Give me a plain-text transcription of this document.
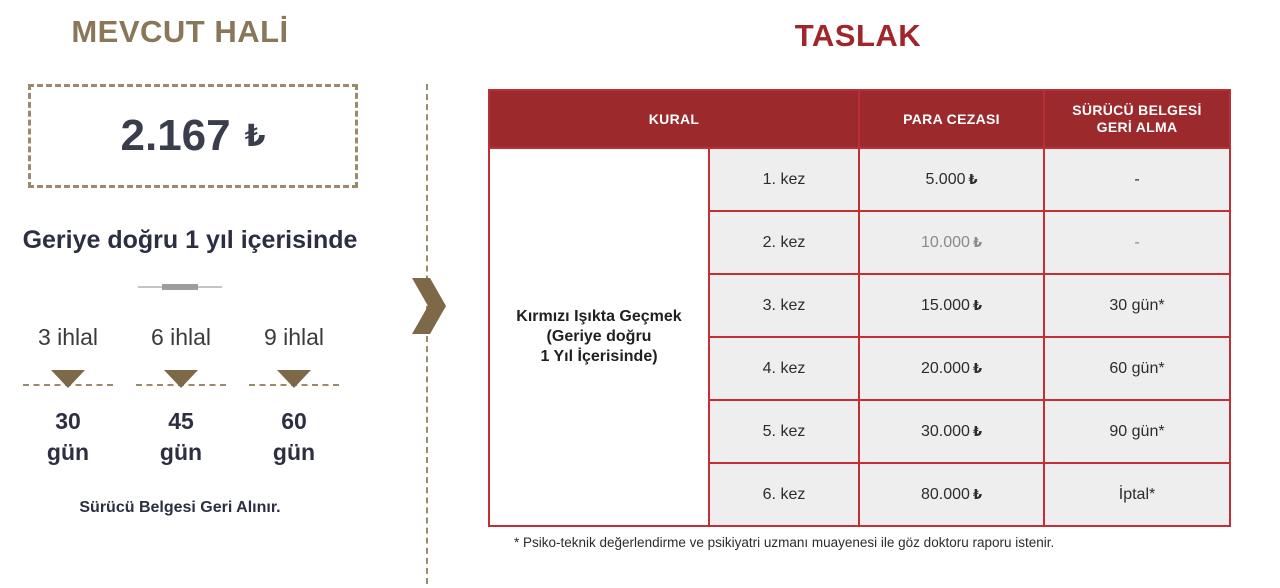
MEVCUT HALİ
2.167 ₺
Geriye doğru 1 yıl içerisinde
3 ihlal
30
gün
6 ihlal
45
gün
9 ihlal
60
gün
Sürücü Belgesi Geri Alınır.
TASLAK
KURAL		PARA CEZASI	SÜRÜCÜ BELGESİ
GERİ ALMA

Kırmızı Işıkta Geçmek
(Geriye doğru
1 Yıl İçerisinde)	1. kez	5.000 ₺	-
	2. kez	10.000 ₺	-
	3. kez	15.000 ₺	30 gün*
	4. kez	20.000 ₺	60 gün*
	5. kez	30.000 ₺	90 gün*
	6. kez	80.000 ₺	İptal*
* Psiko-teknik değerlendirme ve psikiyatri uzmanı muayenesi ile göz doktoru raporu istenir.
